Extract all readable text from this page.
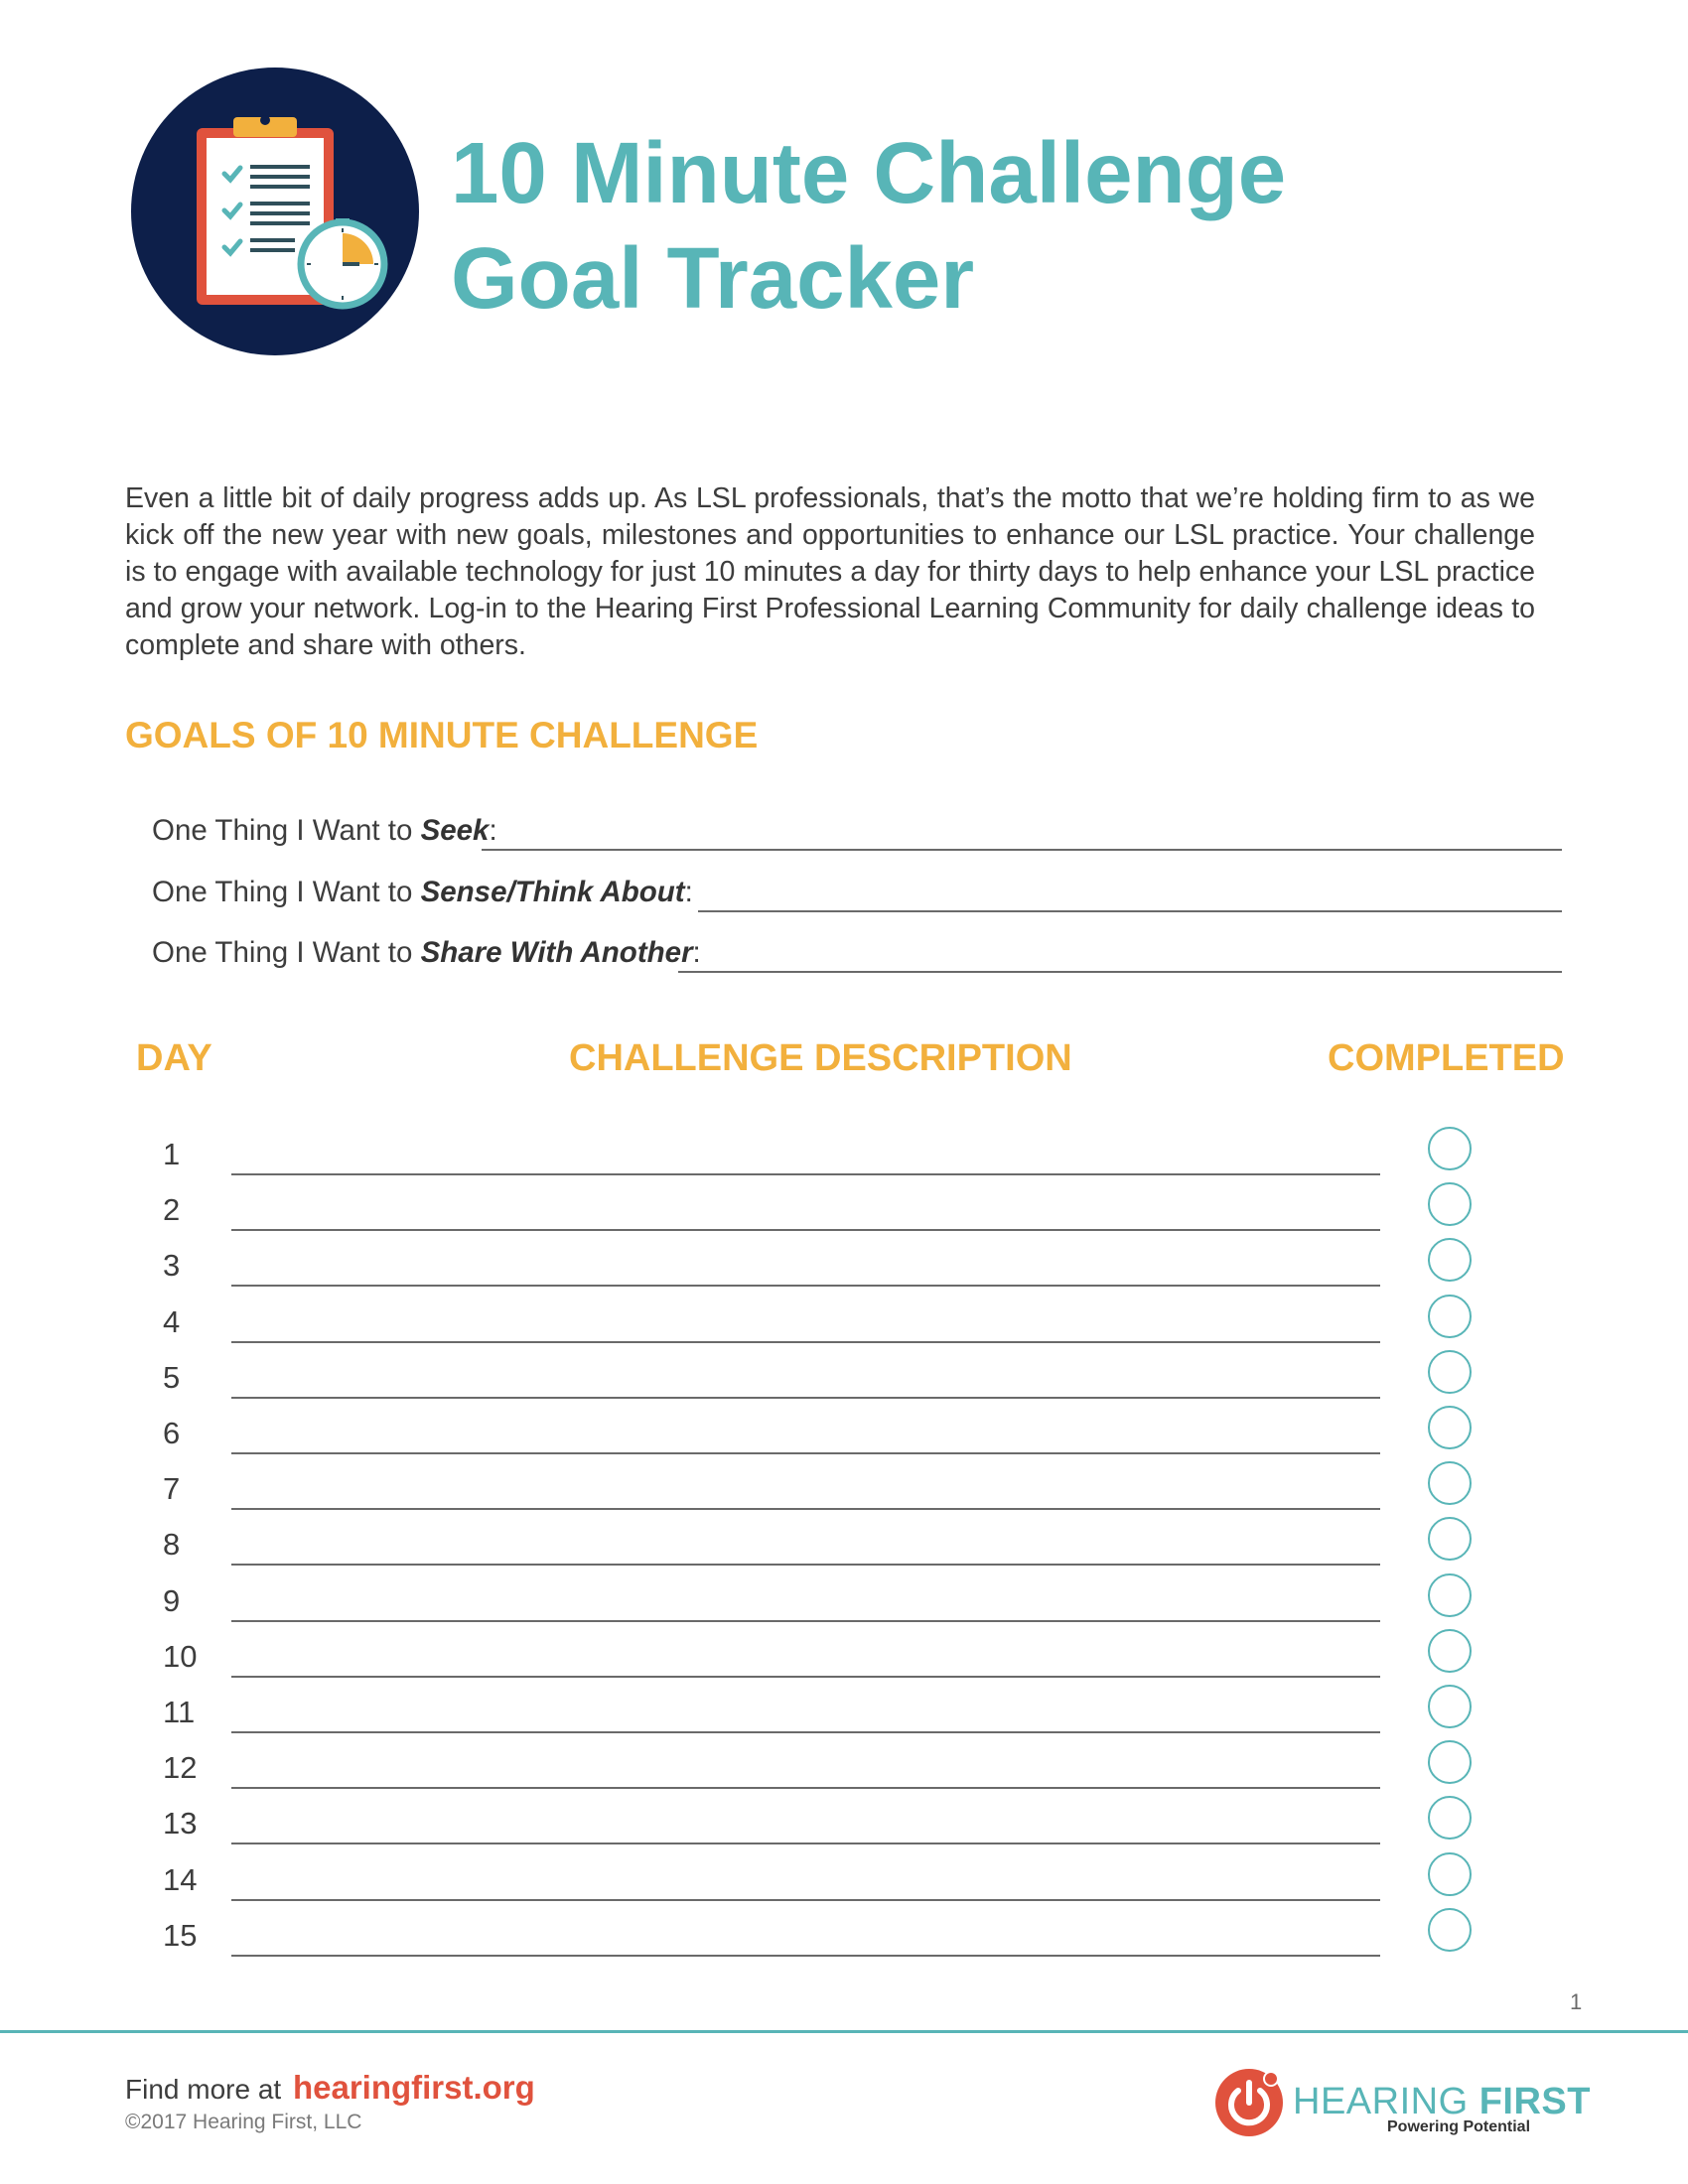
10 Minute Challenge
Goal Tracker
Even a little bit of daily progress adds up. As LSL professionals, that’s the motto that we’re holding firm to as we kick off the new year with new goals, milestones and opportunities to enhance our LSL practice. Your challenge is to engage with available technology for just 10 minutes a day for thirty days to help enhance your LSL practice and grow your network. Log-in to the Hearing First Professional Learning Community for daily challenge ideas to complete and share with others.
GOALS OF 10 MINUTE CHALLENGE
One Thing I Want to Seek:
One Thing I Want to Sense/Think About:
One Thing I Want to Share With Another:
DAY	CHALLENGE DESCRIPTION	COMPLETED
1
2
3
4
5
6
7
8
9
10
11
12
13
14
15
1
Find more at hearingfirst.org
©2017 Hearing First, LLC	HEARING FIRST
Powering Potential
